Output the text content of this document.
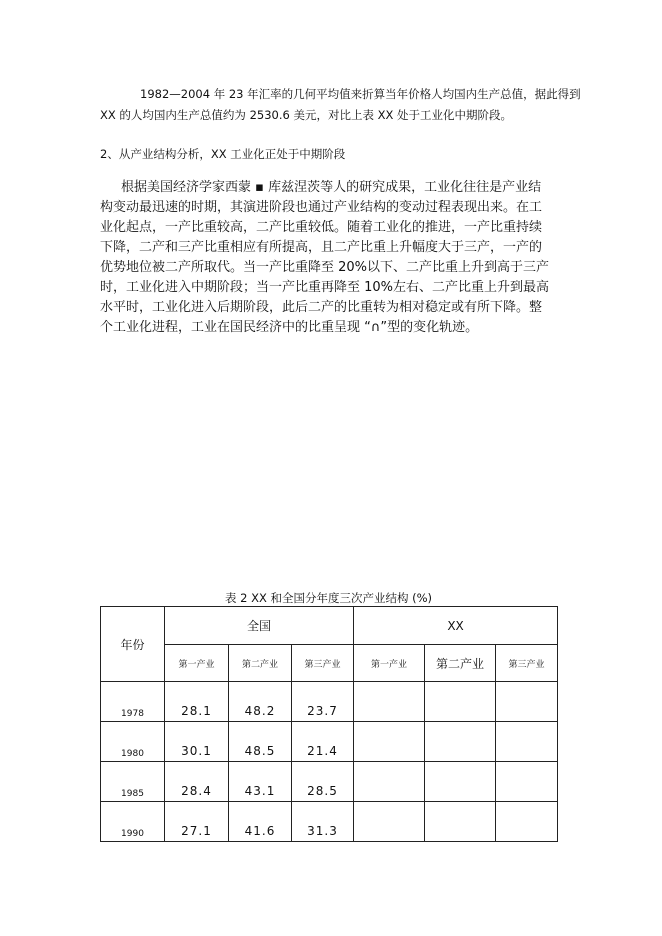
1982—2004 年 23 年汇率的几何平均值来折算当年价格人均国内生产总值，据此得到

XX 的人均国内生产总值约为 2530.6 美元，对比上表 XX 处于工业化中期阶段。

2、从产业结构分析，XX 工业化正处于中期阶段

根据美国经济学家西蒙 ▪ 库兹涅茨等人的研究成果，工业化往往是产业结

构变动最迅速的时期，其演进阶段也通过产业结构的变动过程表现出来。在工

业化起点，一产比重较高，二产比重较低。随着工业化的推进，一产比重持续

下降，二产和三产比重相应有所提高，且二产比重上升幅度大于三产，一产的

优势地位被二产所取代。当一产比重降至 20%以下、二产比重上升到高于三产

时，工业化进入中期阶段；当一产比重再降至 10%左右、二产比重上升到最高

水平时，工业化进入后期阶段，此后二产的比重转为相对稳定或有所下降。整

个工业化进程，工业在国民经济中的比重呈现 “∩”型的变化轨迹。

表 2 XX 和全国分年度三次产业结构 (%)
年份	全国			XX		
	第一产业	第二产业	第三产业	第一产业	第二产业	第三产业
1978	28.1	48.2	23.7			
1980	30.1	48.5	21.4			
1985	28.4	43.1	28.5			
1990	27.1	41.6	31.3			
